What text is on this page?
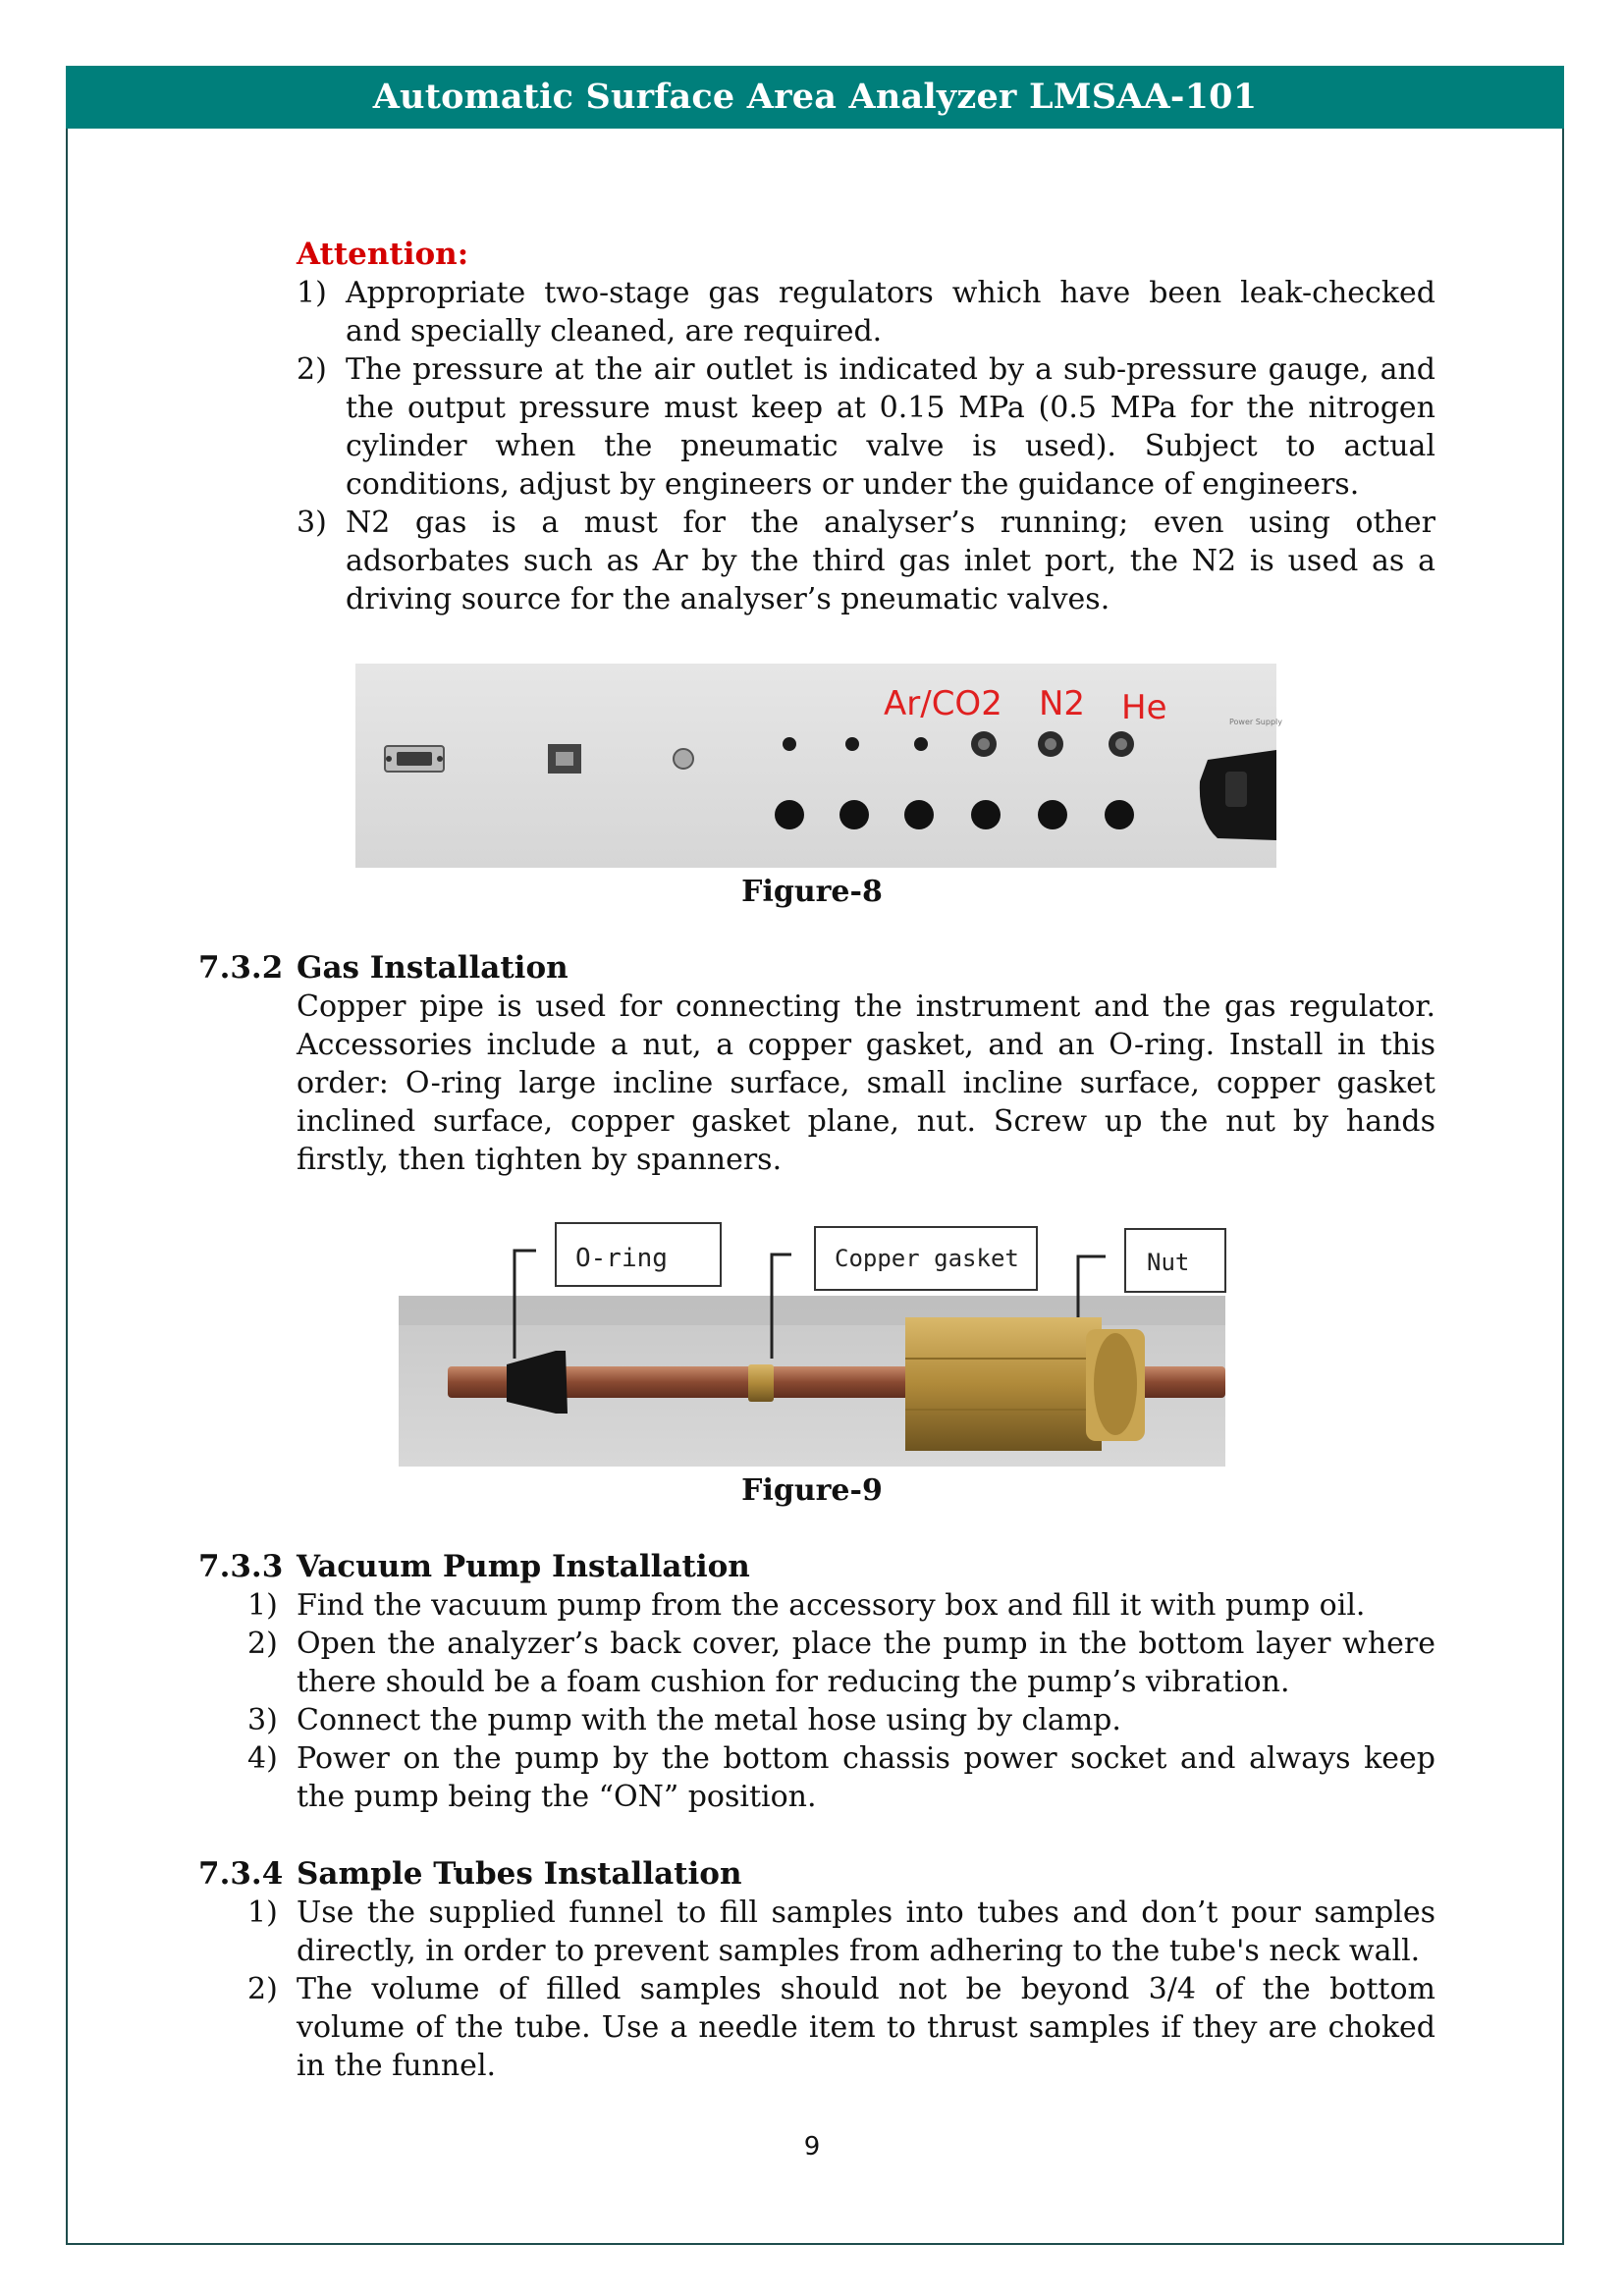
Automatic Surface Area Analyzer LMSAA-101
Attention:
1) Appropriate two-stage gas regulators which have been leak-checked and specially cleaned, are required.
2) The pressure at the air outlet is indicated by a sub-pressure gauge, and the output pressure must keep at 0.15 MPa (0.5 MPa for the nitrogen cylinder when the pneumatic valve is used). Subject to actual conditions, adjust by engineers or under the guidance of engineers.
3) N2 gas is a must for the analyser’s running; even using other adsorbates such as Ar by the third gas inlet port, the N2 is used as a driving source for the analyser’s pneumatic valves.
Power Supply
Ar/CO2 N2 He
Figure-8
7.3.2 Gas Installation
Copper pipe is used for connecting the instrument and the gas regulator. Accessories include a nut, a copper gasket, and an O-ring. Install in this order: O-ring large incline surface, small incline surface, copper gasket inclined surface, copper gasket plane, nut. Screw up the nut by hands firstly, then tighten by spanners.
O-ring	Copper gasket	Nut
Figure-9
7.3.3 Vacuum Pump Installation
1) Find the vacuum pump from the accessory box and fill it with pump oil.
2) Open the analyzer’s back cover, place the pump in the bottom layer where there should be a foam cushion for reducing the pump’s vibration.
3) Connect the pump with the metal hose using by clamp.
4) Power on the pump by the bottom chassis power socket and always keep the pump being the “ON” position.
7.3.4 Sample Tubes Installation
1) Use the supplied funnel to fill samples into tubes and don’t pour samples directly, in order to prevent samples from adhering to the tube's neck wall.
2) The volume of filled samples should not be beyond 3/4 of the bottom volume of the tube. Use a needle item to thrust samples if they are choked in the funnel.
9
